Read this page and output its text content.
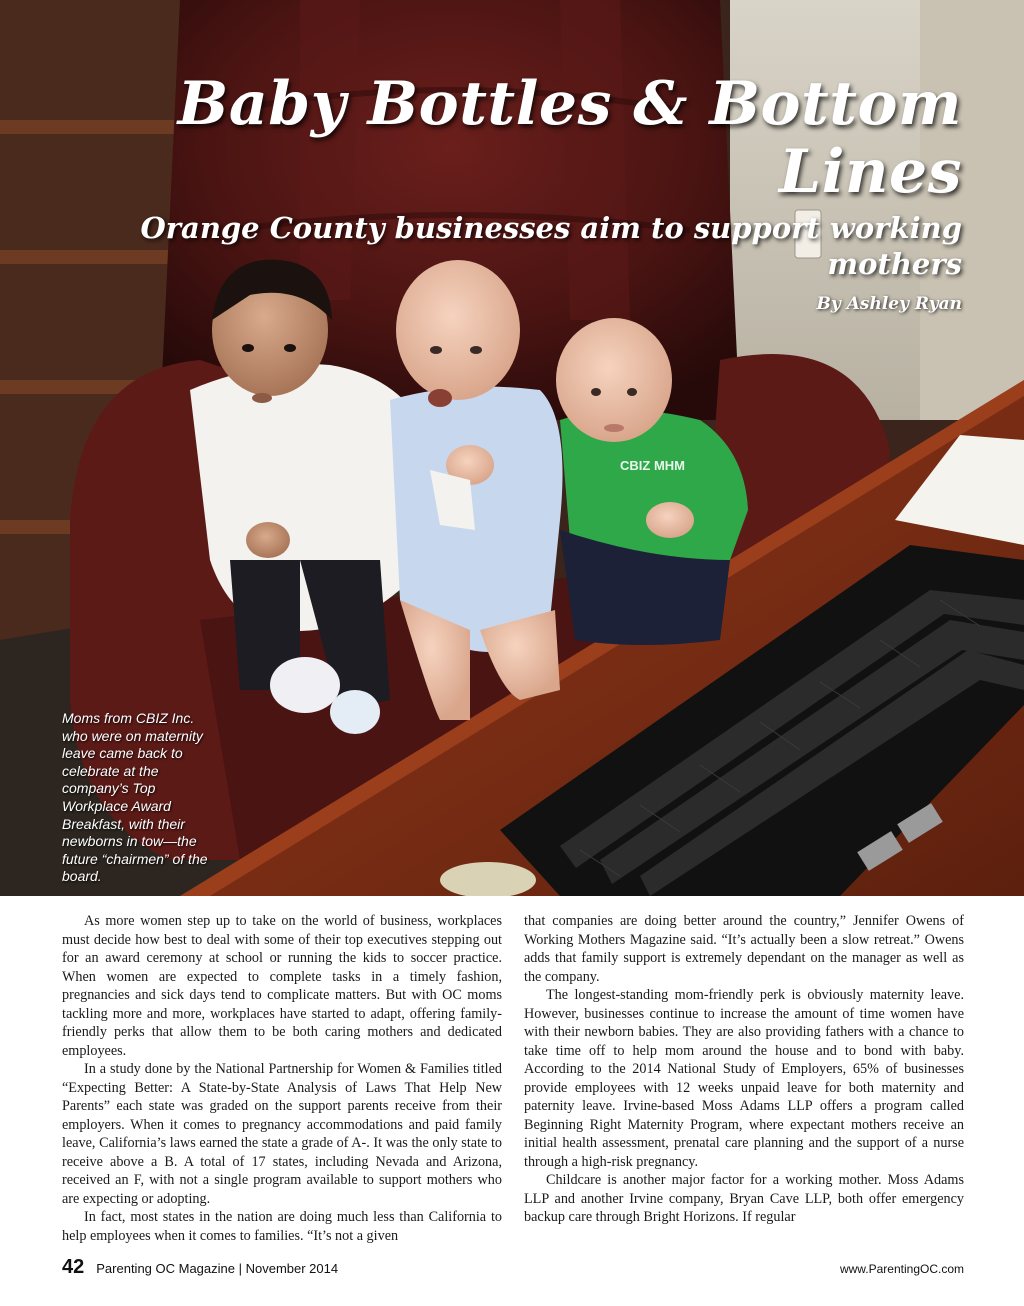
CBIZ MHM
Baby Bottles & Bottom Lines
Orange County businesses aim to support working mothers
By Ashley Ryan
Moms from CBIZ Inc. who were on maternity leave came back to celebrate at the company’s Top Workplace Award Breakfast, with their newborns in tow—the future “chairmen” of the board.

As more women step up to take on the world of business, workplaces must decide how best to deal with some of their top executives stepping out for an award ceremony at school or running the kids to soccer practice. When women are expected to complete tasks in a timely fashion, pregnancies and sick days tend to complicate matters. But with OC moms tackling more and more, workplaces have started to adapt, offering family-friendly perks that allow them to be both caring mothers and dedicated employees.

In a study done by the National Partnership for Women & Families titled “Expecting Better: A State-by-State Analysis of Laws That Help New Parents” each state was graded on the support parents receive from their employers. When it comes to pregnancy accommodations and paid family leave, California’s laws earned the state a grade of A-. It was the only state to receive above a B. A total of 17 states, including Nevada and Arizona, received an F, with not a single program available to support mothers who are expecting or adopting.

In fact, most states in the nation are doing much less than California to help employees when it comes to families. “It’s not a given

that companies are doing better around the country,” Jennifer Owens of Working Mothers Magazine said. “It’s actually been a slow retreat.” Owens adds that family support is extremely dependant on the manager as well as the company.

The longest-standing mom-friendly perk is obviously maternity leave. However, businesses continue to increase the amount of time women have with their newborn babies. They are also providing fathers with a chance to take time off to help mom around the house and to bond with baby. According to the 2014 National Study of Employers, 65% of businesses provide employees with 12 weeks unpaid leave for both maternity and paternity leave. Irvine-based Moss Adams LLP offers a program called Beginning Right Maternity Program, where expectant mothers receive an initial health assessment, prenatal care planning and the support of a nurse through a high-risk pregnancy.

Childcare is another major factor for a working mother. Moss Adams LLP and another Irvine company, Bryan Cave LLP, both offer emergency backup care through Bright Horizons. If regular

42 Parenting OC Magazine | November 2014	www.ParentingOC.com
